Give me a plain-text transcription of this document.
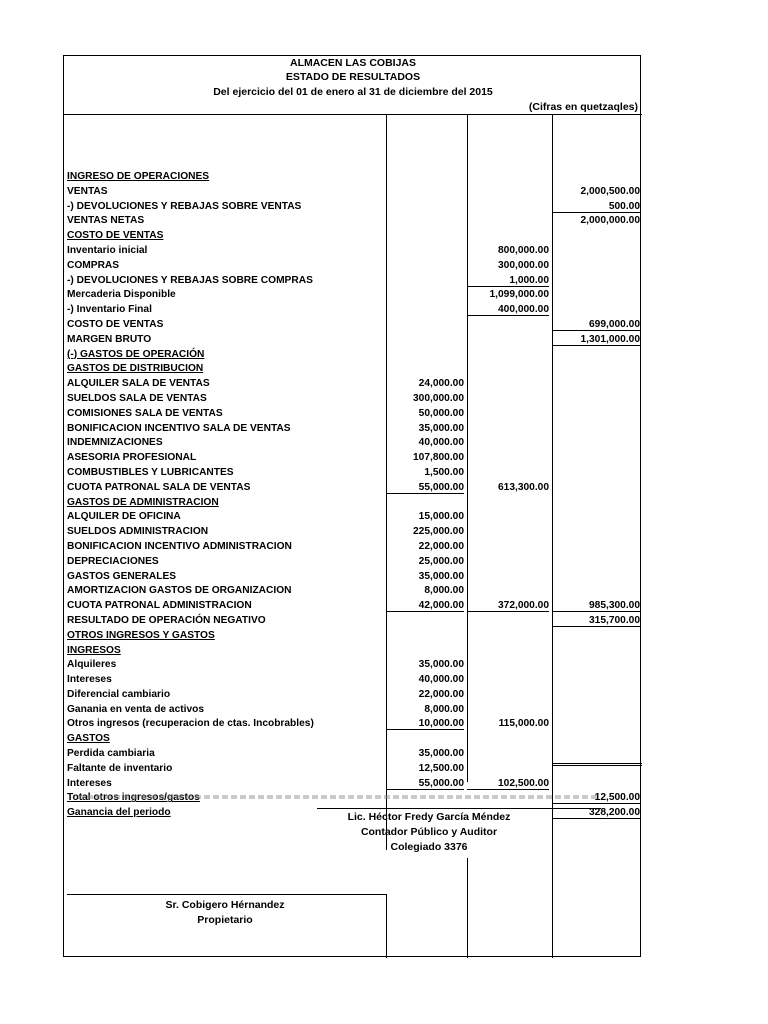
ALMACEN LAS COBIJAS
ESTADO DE RESULTADOS
Del ejercicio del 01 de enero al 31 de diciembre del 2015
(Cifras en quetzaqles)
INGRESO DE OPERACIONES
VENTAS	2,000,500.00
-) DEVOLUCIONES Y REBAJAS SOBRE VENTAS	500.00
VENTAS NETAS	2,000,000.00
COSTO DE VENTAS
Inventario inicial	800,000.00
COMPRAS	300,000.00
-) DEVOLUCIONES Y REBAJAS SOBRE COMPRAS	1,000.00
Mercaderia Disponible	1,099,000.00
-) Inventario Final	400,000.00
COSTO DE VENTAS	699,000.00
MARGEN BRUTO	1,301,000.00
(-) GASTOS DE OPERACIÓN
GASTOS DE DISTRIBUCION
ALQUILER SALA DE VENTAS	24,000.00
SUELDOS SALA DE VENTAS	300,000.00
COMISIONES SALA DE VENTAS	50,000.00
BONIFICACION INCENTIVO SALA DE VENTAS	35,000.00
INDEMNIZACIONES	40,000.00
ASESORIA PROFESIONAL	107,800.00
COMBUSTIBLES Y LUBRICANTES	1,500.00
CUOTA PATRONAL SALA DE VENTAS	55,000.00	613,300.00
GASTOS DE ADMINISTRACION
ALQUILER DE OFICINA	15,000.00
SUELDOS ADMINISTRACION	225,000.00
BONIFICACION INCENTIVO ADMINISTRACION	22,000.00
DEPRECIACIONES	25,000.00
GASTOS GENERALES	35,000.00
AMORTIZACION GASTOS DE ORGANIZACION	8,000.00
CUOTA PATRONAL ADMINISTRACION	42,000.00	372,000.00	985,300.00
RESULTADO DE OPERACIÓN NEGATIVO	315,700.00
OTROS INGRESOS Y GASTOS
INGRESOS
Alquileres	35,000.00
Intereses	40,000.00
Diferencial cambiario	22,000.00
Ganania en venta de activos	8,000.00
Otros ingresos (recuperacion de ctas. Incobrables)	10,000.00	115,000.00
GASTOS
Perdida cambiaria	35,000.00
Faltante de inventario	12,500.00
Intereses	55,000.00	102,500.00
Total otros ingresos/gastos	12,500.00
Ganancia del periodo	328,200.00
Lic. Héctor Fredy García Méndez
Contador Público y Auditor
Colegiado 3376
Sr. Cobigero Hérnandez
Propietario
